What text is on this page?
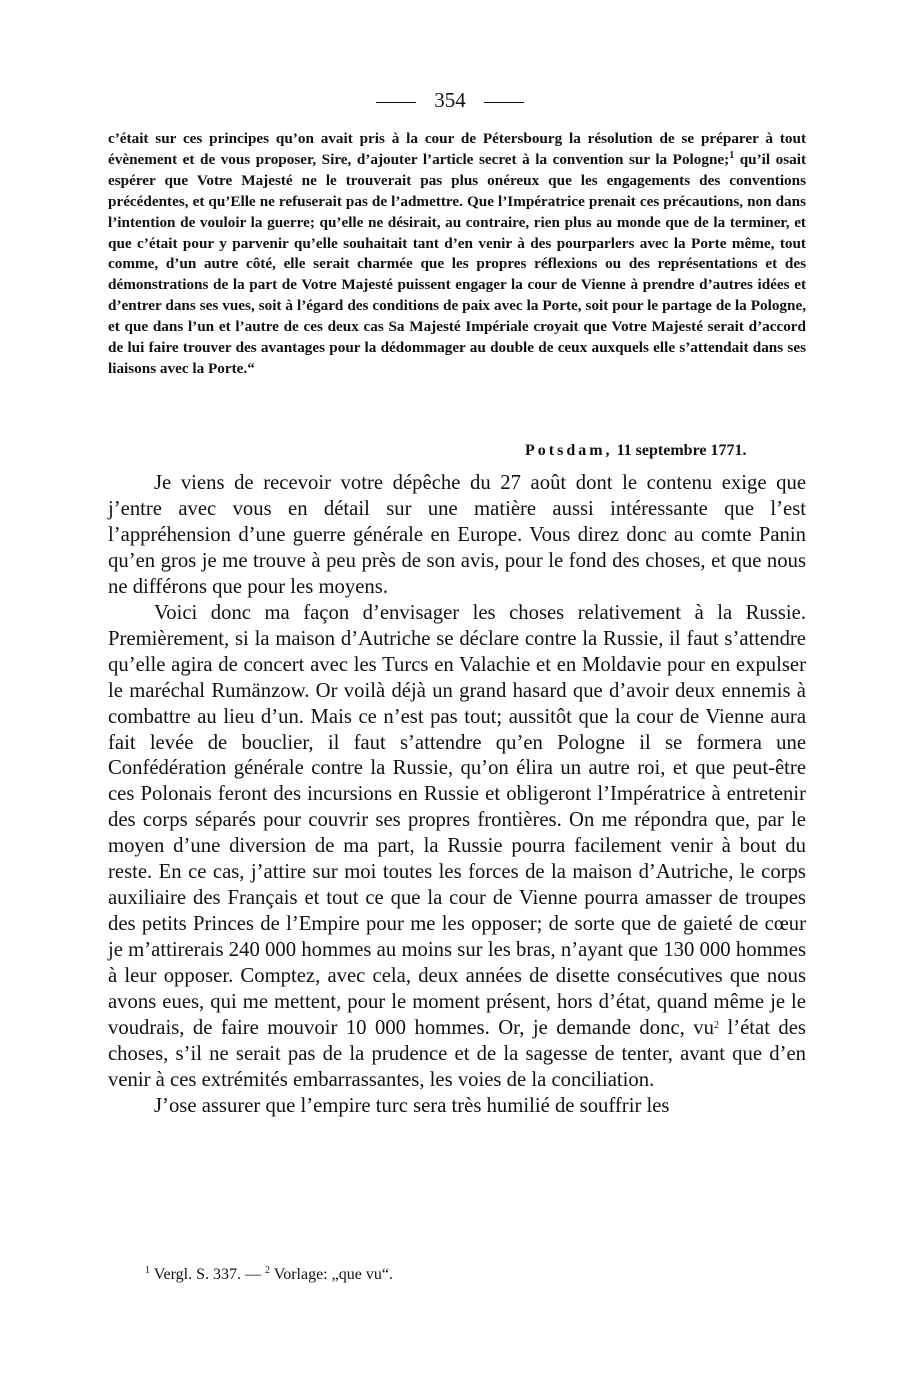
354

c’était sur ces principes qu’on avait pris à la cour de Pétersbourg la résolution de se préparer à tout évènement et de vous proposer, Sire, d’ajouter l’article secret à la convention sur la Pologne;$^1$ qu’il osait espérer que Votre Majesté ne le trouverait pas plus onéreux que les engagements des conventions précédentes, et qu’Elle ne refuserait pas de l’admettre. Que l’Impératrice prenait ces précautions, non dans l’intention de vouloir la guerre; qu’elle ne désirait, au contraire, rien plus au monde que de la terminer, et que c’était pour y parvenir qu’elle souhaitait tant d’en venir à des pourparlers avec la Porte même, tout comme, d’un autre côté, elle serait charmée que les propres réflexions ou des représentations et des démonstrations de la part de Votre Majesté puissent engager la cour de Vienne à prendre d’autres idées et d’entrer dans ses vues, soit à l’égard des conditions de paix avec la Porte, soit pour le partage de la Pologne, et que dans l’un et l’autre de ces deux cas Sa Majesté Impériale croyait que Votre Majesté serait d’accord de lui faire trouver des avantages pour la dédommager au double de ceux auxquels elle s’attendait dans ses liaisons avec la Porte.“

Potsdam, 11 septembre 1771.

Je viens de recevoir votre dépêche du 27 août dont le contenu exige que j’entre avec vous en détail sur une matière aussi intéressante que l’est l’appréhension d’une guerre générale en Europe. Vous direz donc au comte Panin qu’en gros je me trouve à peu près de son avis, pour le fond des choses, et que nous ne différons que pour les moyens.

Voici donc ma façon d’envisager les choses relativement à la Russie. Premièrement, si la maison d’Autriche se déclare contre la Russie, il faut s’attendre qu’elle agira de concert avec les Turcs en Valachie et en Moldavie pour en expulser le maréchal Rumänzow. Or voilà déjà un grand hasard que d’avoir deux ennemis à combattre au lieu d’un. Mais ce n’est pas tout; aussitôt que la cour de Vienne aura fait levée de bouclier, il faut s’attendre qu’en Pologne il se formera une Confédération générale contre la Russie, qu’on élira un autre roi, et que peut-être ces Polonais feront des incursions en Russie et obligeront l’Impératrice à entretenir des corps séparés pour couvrir ses propres frontières. On me répondra que, par le moyen d’une diversion de ma part, la Russie pourra facilement venir à bout du reste. En ce cas, j’attire sur moi toutes les forces de la maison d’Autriche, le corps auxiliaire des Français et tout ce que la cour de Vienne pourra amasser de troupes des petits Princes de l’Empire pour me les opposer; de sorte que de gaieté de cœur je m’attirerais 240 000 hommes au moins sur les bras, n’ayant que 130 000 hommes à leur opposer. Comptez, avec cela, deux années de disette consécutives que nous avons eues, qui me mettent, pour le moment présent, hors d’état, quand même je le voudrais, de faire mouvoir 10 000 hommes. Or, je demande donc, $vu^2$ l’état des choses, s’il ne serait pas de la prudence et de la sagesse de tenter, avant que d’en venir à ces extrémités embarrassantes, les voies de la conciliation.

J’ose assurer que l’empire turc sera très humilié de souffrir les

$^1$ Vergl. S. 337. — $^2$ Vorlage: „que vu“.
